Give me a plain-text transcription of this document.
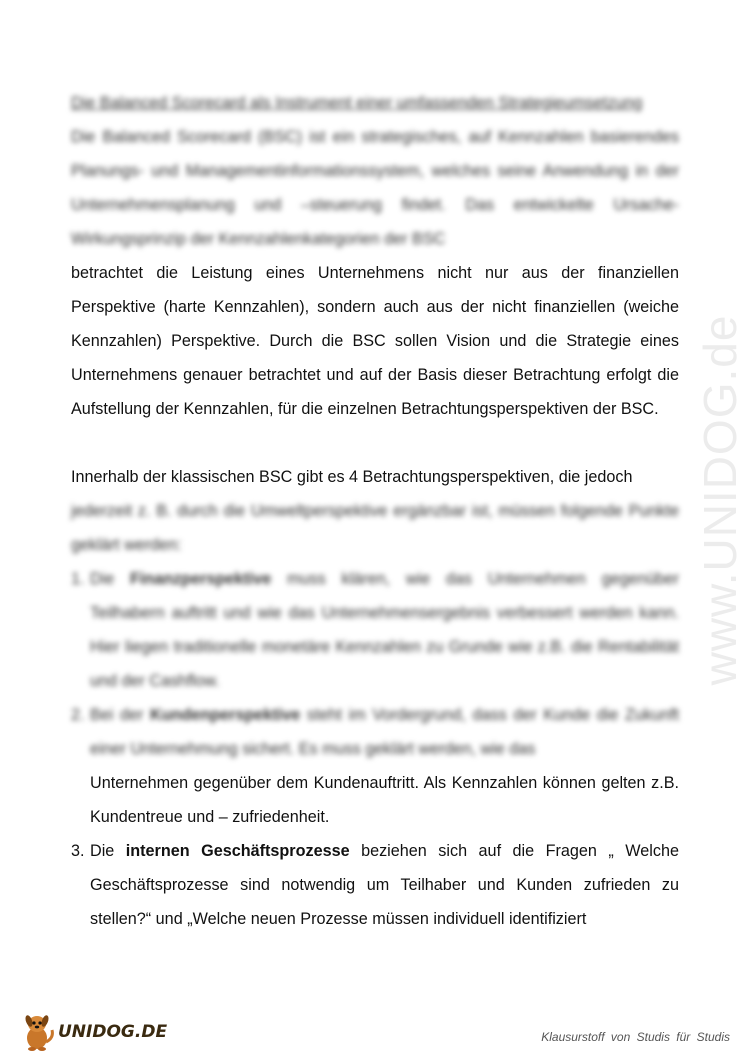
Die Balanced Scorecard als Instrument einer umfassenden Strategieumsetzung
Die Balanced Scorecard (BSC) ist ein strategisches, auf Kennzahlen basierendes Planungs- und Managementinformationssystem, welches seine Anwendung in der Unternehmensplanung und –steuerung findet. Das entwickelte Ursache-Wirkungsprinzip der Kennzahlenkategorien der BSC

betrachtet die Leistung eines Unternehmens nicht nur aus der finanziellen Perspektive (harte Kennzahlen), sondern auch aus der nicht finanziellen (weiche Kennzahlen) Perspektive. Durch die BSC sollen Vision und die Strategie eines Unternehmens genauer betrachtet und auf der Basis dieser Betrachtung erfolgt die Aufstellung der Kennzahlen, für die einzelnen Betrachtungsperspektiven der BSC.

Innerhalb der klassischen BSC gibt es 4 Betrachtungsperspektiven, die jedoch

jederzeit z. B. durch die Umweltperspektive ergänzbar ist, müssen folgende Punkte geklärt werden:

1. Die Finanzperspektive muss klären, wie das Unternehmen gegenüber Teilhabern auftritt und wie das Unternehmensergebnis verbessert werden kann. Hier liegen traditionelle monetäre Kennzahlen zu Grunde wie z.B. die Rentabilität und der Cashflow.
2. Bei der Kundenperspektive steht im Vordergrund, dass der Kunde die Zukunft einer Unternehmung sichert. Es muss geklärt werden, wie das
Unternehmen gegenüber dem Kundenauftritt. Als Kennzahlen können gelten z.B. Kundentreue und – zufriedenheit.
3. Die internen Geschäftsprozesse beziehen sich auf die Fragen „ Welche Geschäftsprozesse sind notwendig um Teilhaber und Kunden zufrieden zu stellen?“ und „Welche neuen Prozesse müssen individuell identifiziert
www.UNIDOG.de
UNIDOG.DE	Klausurstoff von Studis für Studis
